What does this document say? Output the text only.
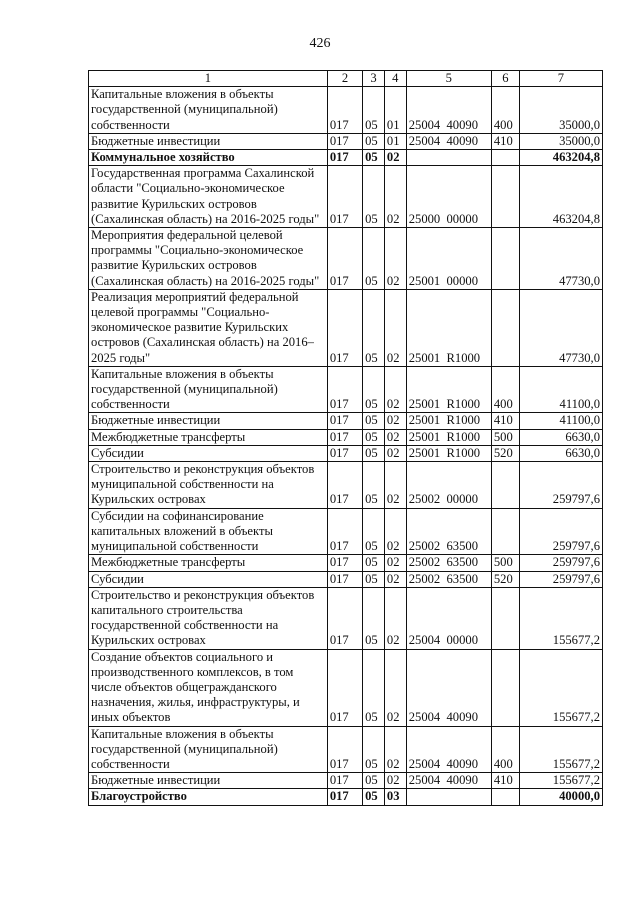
426
1	2	3	4	5	6	7
Капитальные вложения в объекты государственной (муниципальной) собственности	017	05	01	25004  40090	400	35000,0
Бюджетные инвестиции	017	05	01	25004  40090	410	35000,0
Коммунальное хозяйство	017	05	02			463204,8
Государственная программа Сахалинской области "Социально-экономическое развитие Курильских островов (Сахалинская область) на 2016-2025 годы"	017	05	02	25000  00000		463204,8
Мероприятия федеральной целевой программы "Социально-экономическое развитие Курильских островов (Сахалинская область) на 2016-2025 годы"	017	05	02	25001  00000		47730,0
Реализация мероприятий федеральной целевой программы "Социально-экономическое развитие Курильских островов (Сахалинская область) на 2016–2025 годы"	017	05	02	25001  R1000		47730,0
Капитальные вложения в объекты государственной (муниципальной) собственности	017	05	02	25001  R1000	400	41100,0
Бюджетные инвестиции	017	05	02	25001  R1000	410	41100,0
Межбюджетные трансферты	017	05	02	25001  R1000	500	6630,0
Субсидии	017	05	02	25001  R1000	520	6630,0
Строительство и реконструкция объектов муниципальной собственности на Курильских островах	017	05	02	25002  00000		259797,6
Субсидии на софинансирование капитальных вложений в объекты муниципальной собственности	017	05	02	25002  63500		259797,6
Межбюджетные трансферты	017	05	02	25002  63500	500	259797,6
Субсидии	017	05	02	25002  63500	520	259797,6
Строительство и реконструкция объектов капитального строительства государственной собственности на Курильских островах	017	05	02	25004  00000		155677,2
Создание объектов социального и производственного комплексов, в том числе объектов общегражданского назначения, жилья, инфраструктуры, и иных объектов	017	05	02	25004  40090		155677,2
Капитальные вложения в объекты государственной (муниципальной) собственности	017	05	02	25004  40090	400	155677,2
Бюджетные инвестиции	017	05	02	25004  40090	410	155677,2
Благоустройство	017	05	03			40000,0
